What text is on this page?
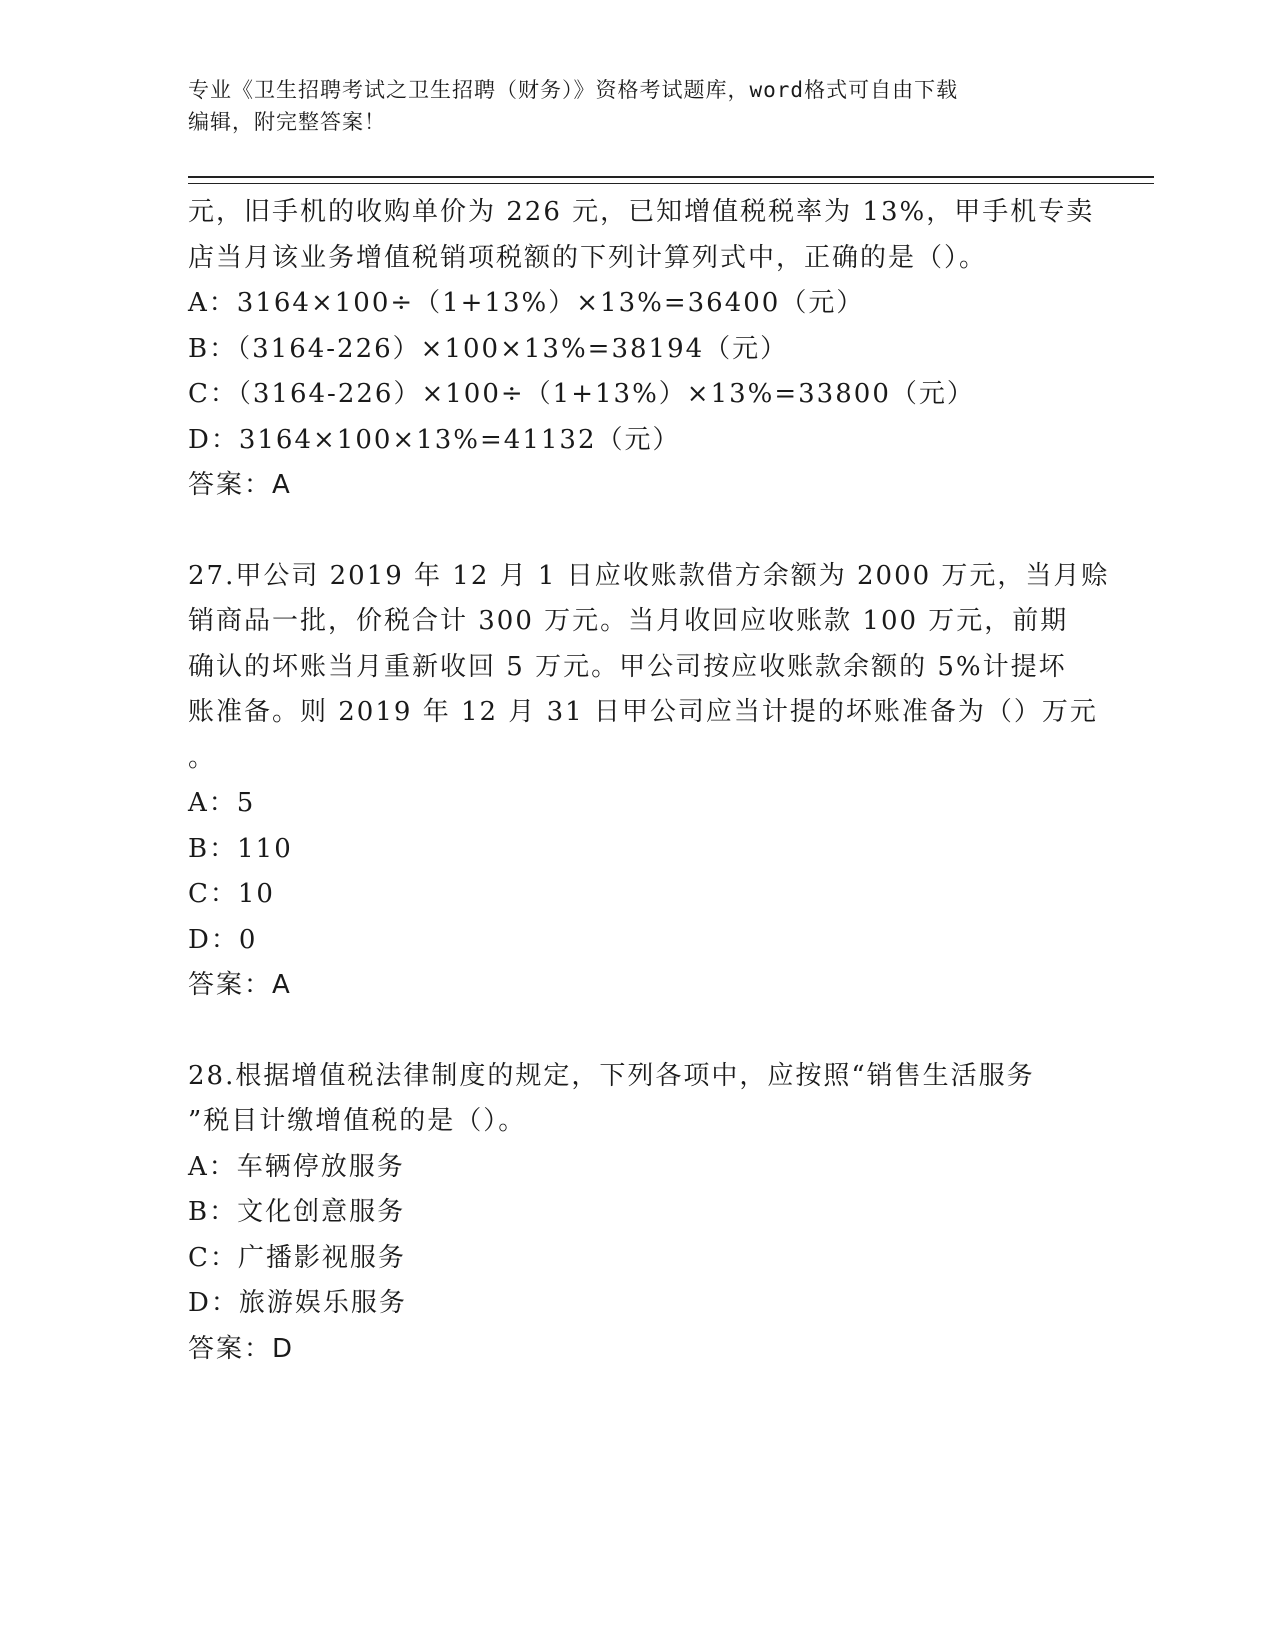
专业《卫生招聘考试之卫生招聘（财务）》资格考试题库，word格式可自由下载
编辑，附完整答案！
元，旧手机的收购单价为 226 元，已知增值税税率为 13%，甲手机专卖
店当月该业务增值税销项税额的下列计算列式中，正确的是（）。
A：3164×100÷（1+13%）×13%=36400（元）
B：（3164-226）×100×13%=38194（元）
C：（3164-226）×100÷（1+13%）×13%=33800（元）
D：3164×100×13%=41132（元）
答案：A
27.甲公司 2019 年 12 月 1 日应收账款借方余额为 2000 万元，当月赊
销商品一批，价税合计 300 万元。当月收回应收账款 100 万元，前期
确认的坏账当月重新收回 5 万元。甲公司按应收账款余额的 5%计提坏
账准备。则 2019 年 12 月 31 日甲公司应当计提的坏账准备为（）万元
。
A：5
B：110
C：10
D：0
答案：A
28.根据增值税法律制度的规定，下列各项中，应按照“销售生活服务
”税目计缴增值税的是（）。
A：车辆停放服务
B：文化创意服务
C：广播影视服务
D：旅游娱乐服务
答案：D
